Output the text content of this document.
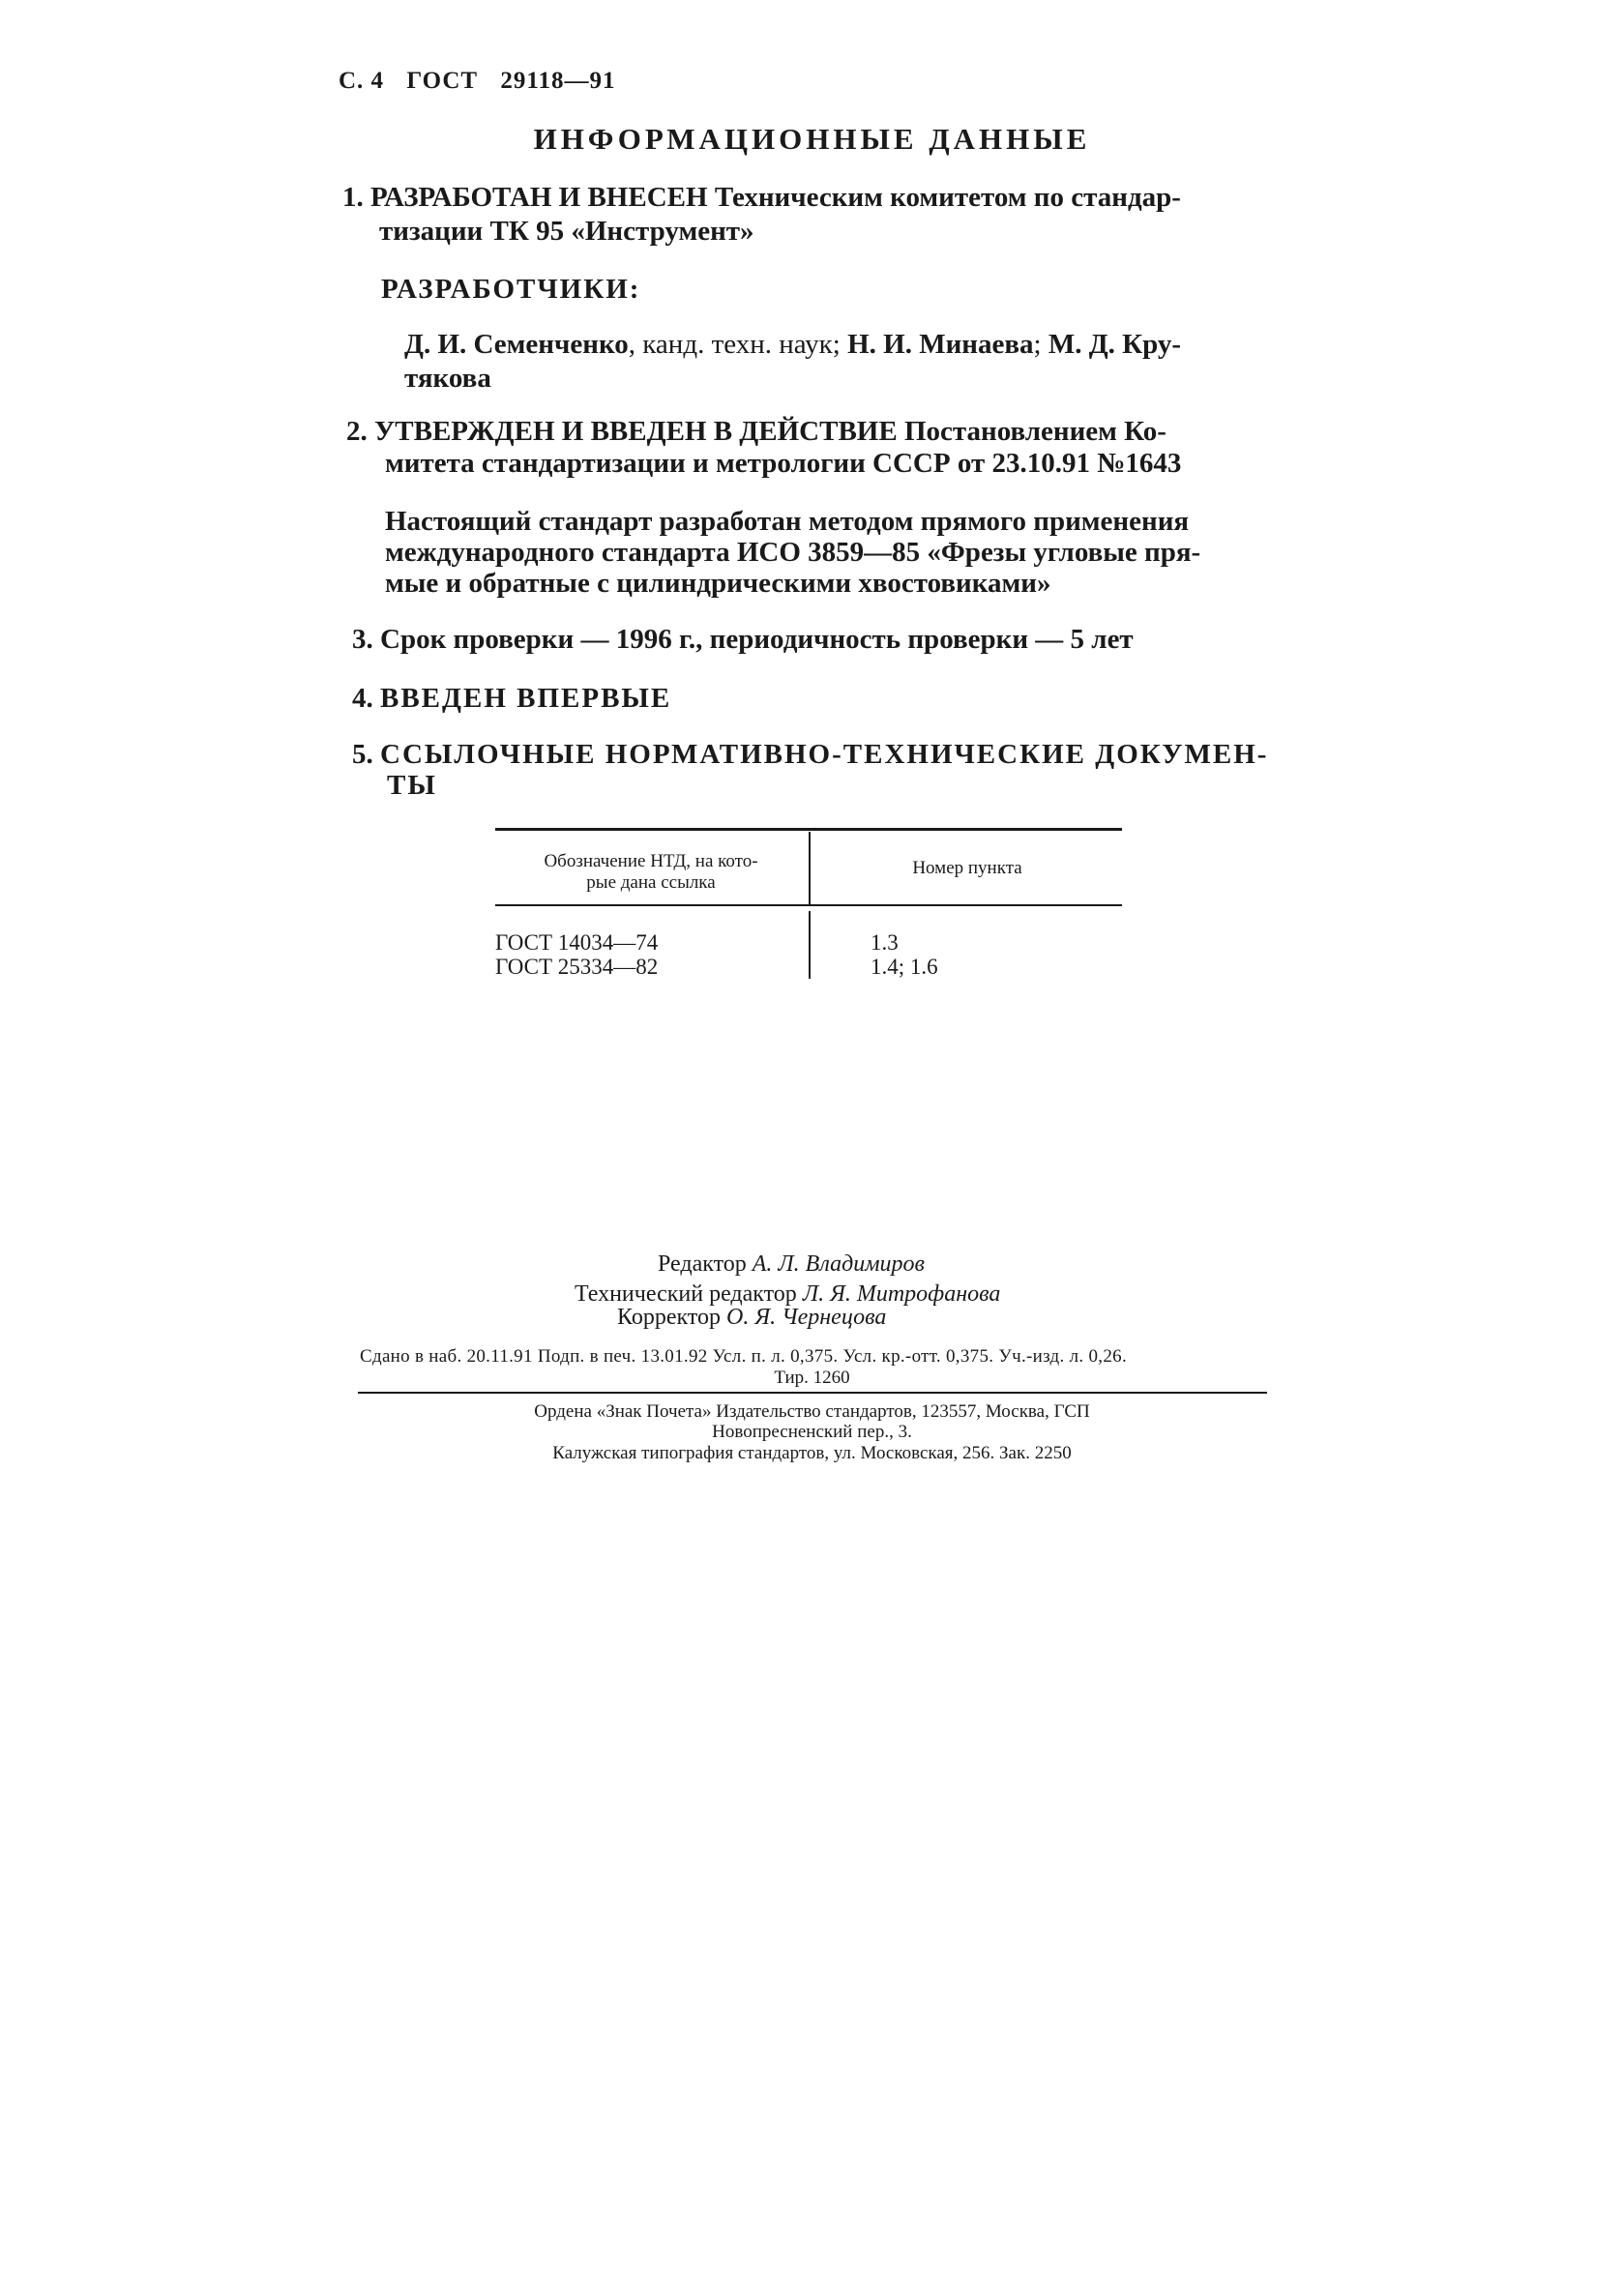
С. 4 ГОСТ 29118—91
ИНФОРМАЦИОННЫЕ ДАННЫЕ
1. РАЗРАБОТАН И ВНЕСЕН Техническим комитетом по стандар-
тизации ТК 95 «Инструмент»
РАЗРАБОТЧИКИ:
Д. И. Семенченко, канд. техн. наук; Н. И. Минаева; М. Д. Кру-
тякова
2. УТВЕРЖДЕН И ВВЕДЕН В ДЕЙСТВИЕ Постановлением Ко-
митета стандартизации и метрологии СССР от 23.10.91 №1643
Настоящий стандарт разработан методом прямого применения
международного стандарта ИСО 3859—85 «Фрезы угловые пря-
мые и обратные с цилиндрическими хвостовиками»
3. Срок проверки — 1996 г., периодичность проверки — 5 лет
4. ВВЕДЕН ВПЕРВЫЕ
5. ССЫЛОЧНЫЕ НОРМАТИВНО-ТЕХНИЧЕСКИЕ ДОКУМЕН-
ТЫ
Обозначение НТД, на кото-
рые дана ссылка
Номер пункта
ГОСТ 14034—74	1.3
ГОСТ 25334—82	1.4; 1.6
Редактор А. Л. Владимиров
Технический редактор Л. Я. Митрофанова
Корректор О. Я. Чернецова
Сдано в наб. 20.11.91 Подп. в печ. 13.01.92 Усл. п. л. 0,375. Усл. кр.-отт. 0,375. Уч.-изд. л. 0,26.
Тир. 1260
Ордена «Знак Почета» Издательство стандартов, 123557, Москва, ГСП
Новопресненский пер., 3.
Калужская типография стандартов, ул. Московская, 256. Зак. 2250
